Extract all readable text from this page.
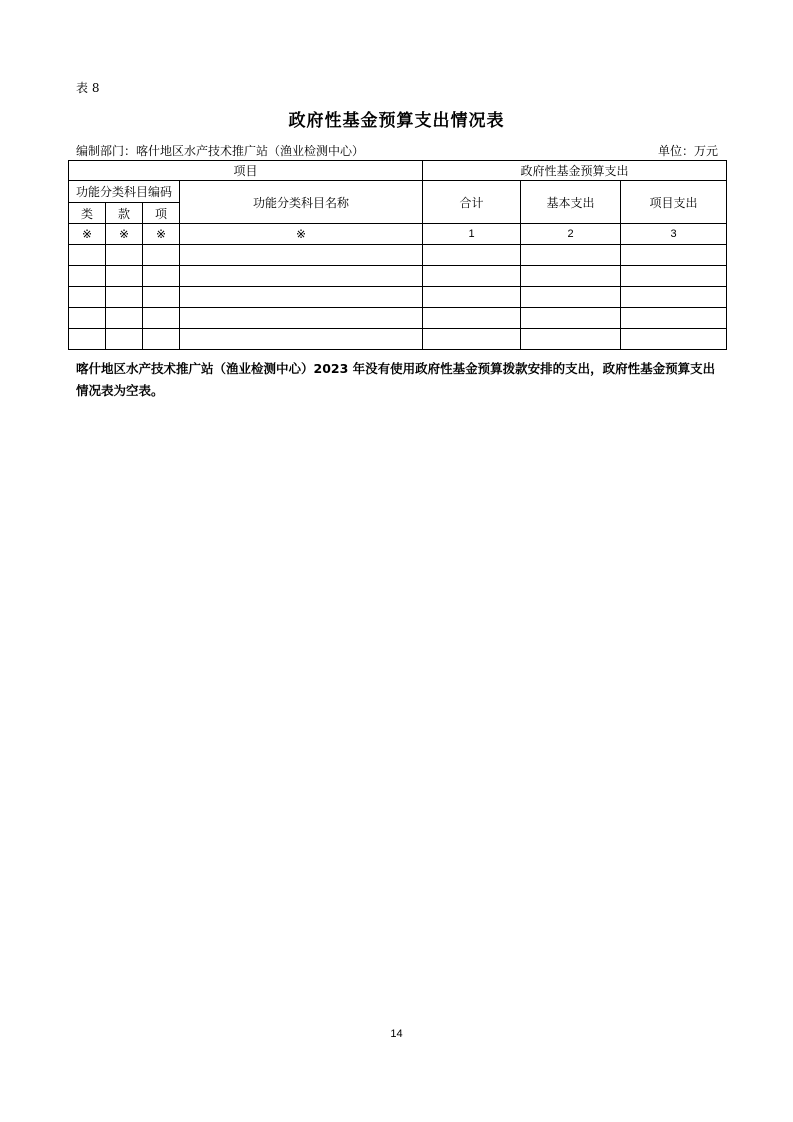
表 8
政府性基金预算支出情况表
编制部门：喀什地区水产技术推广站（渔业检测中心）	单位：万元
项目				政府性基金预算支出		
功能分类科目编码			功能分类科目名称	合计	基本支出	项目支出
类	款	项				
※	※	※	※	1	2	3

喀什地区水产技术推广站（渔业检测中心）2023 年没有使用政府性基金预算拨款安排的支出，政府性基金预算支出情况表为空表。
14
